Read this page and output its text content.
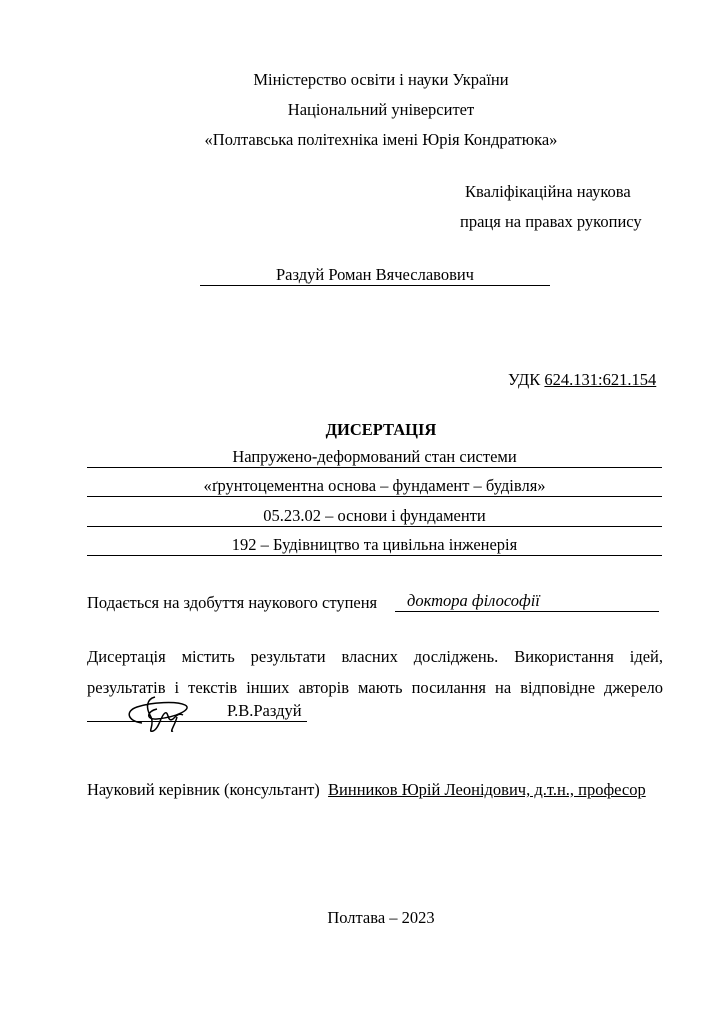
Міністерство освіти і науки України
Національний університет
«Полтавська політехніка імені Юрія Кондратюка»
Кваліфікаційна наукова
праця на правах рукопису
Раздуй Роман Вячеславович
УДК 624.131:621.154
ДИСЕРТАЦІЯ
Напружено-деформований стан системи
«ґрунтоцементна основа – фундамент – будівля»
05.23.02 – основи і фундаменти
192 – Будівництво та цивільна інженерія
Подається на здобуття наукового ступеня	доктора філософії
Дисертація містить результати власних досліджень. Використання ідей,
результатів і текстів інших авторів мають посилання на відповідне джерело
Р.В.Раздуй
Науковий керівник (консультант) Винников Юрій Леонідович, д.т.н., професор
Полтава – 2023
